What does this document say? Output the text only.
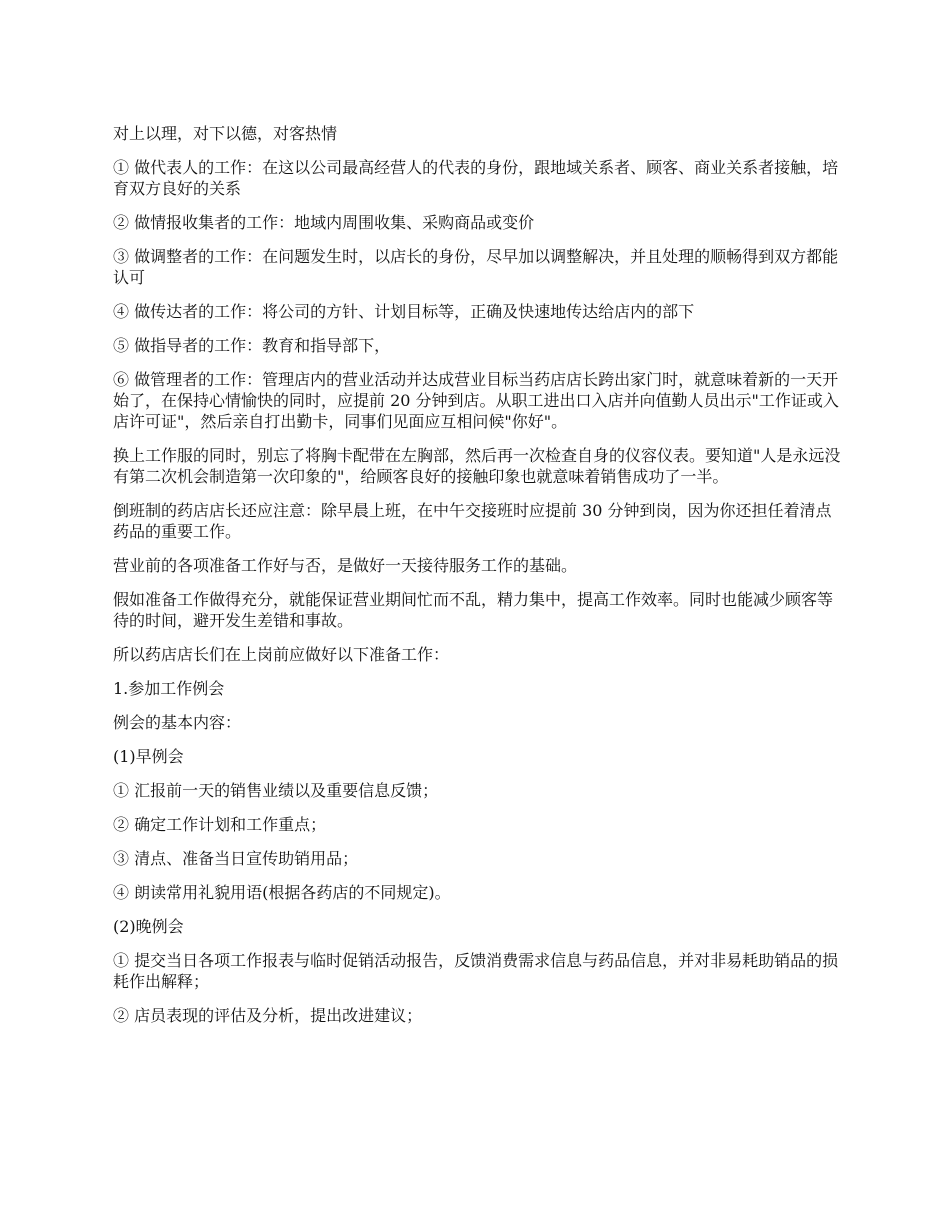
对上以理，对下以德，对客热情

① 做代表人的工作：在这以公司最高经营人的代表的身份，跟地域关系者、顾客、商业关系者接触，培育双方良好的关系

② 做情报收集者的工作：地域内周围收集、采购商品或变价

③ 做调整者的工作：在问题发生时，以店长的身份，尽早加以调整解决，并且处理的顺畅得到双方都能认可

④ 做传达者的工作：将公司的方针、计划目标等，正确及快速地传达给店内的部下

⑤ 做指导者的工作：教育和指导部下，

⑥ 做管理者的工作：管理店内的营业活动并达成营业目标当药店店长跨出家门时，就意味着新的一天开始了，在保持心情愉快的同时，应提前 20 分钟到店。从职工进出口入店并向值勤人员出示"工作证或入店许可证"，然后亲自打出勤卡，同事们见面应互相问候"你好"。

换上工作服的同时，别忘了将胸卡配带在左胸部，然后再一次检查自身的仪容仪表。要知道"人是永远没有第二次机会制造第一次印象的"，给顾客良好的接触印象也就意味着销售成功了一半。

倒班制的药店店长还应注意：除早晨上班，在中午交接班时应提前 30 分钟到岗，因为你还担任着清点药品的重要工作。

营业前的各项准备工作好与否，是做好一天接待服务工作的基础。

假如准备工作做得充分，就能保证营业期间忙而不乱，精力集中，提高工作效率。同时也能减少顾客等待的时间，避开发生差错和事故。

所以药店店长们在上岗前应做好以下准备工作：

1.参加工作例会

例会的基本内容：

(1)早例会

① 汇报前一天的销售业绩以及重要信息反馈；

② 确定工作计划和工作重点；

③ 清点、准备当日宣传助销用品；

④ 朗读常用礼貌用语(根据各药店的不同规定)。

(2)晚例会

① 提交当日各项工作报表与临时促销活动报告，反馈消费需求信息与药品信息，并对非易耗助销品的损耗作出解释；

② 店员表现的评估及分析，提出改进建议；
